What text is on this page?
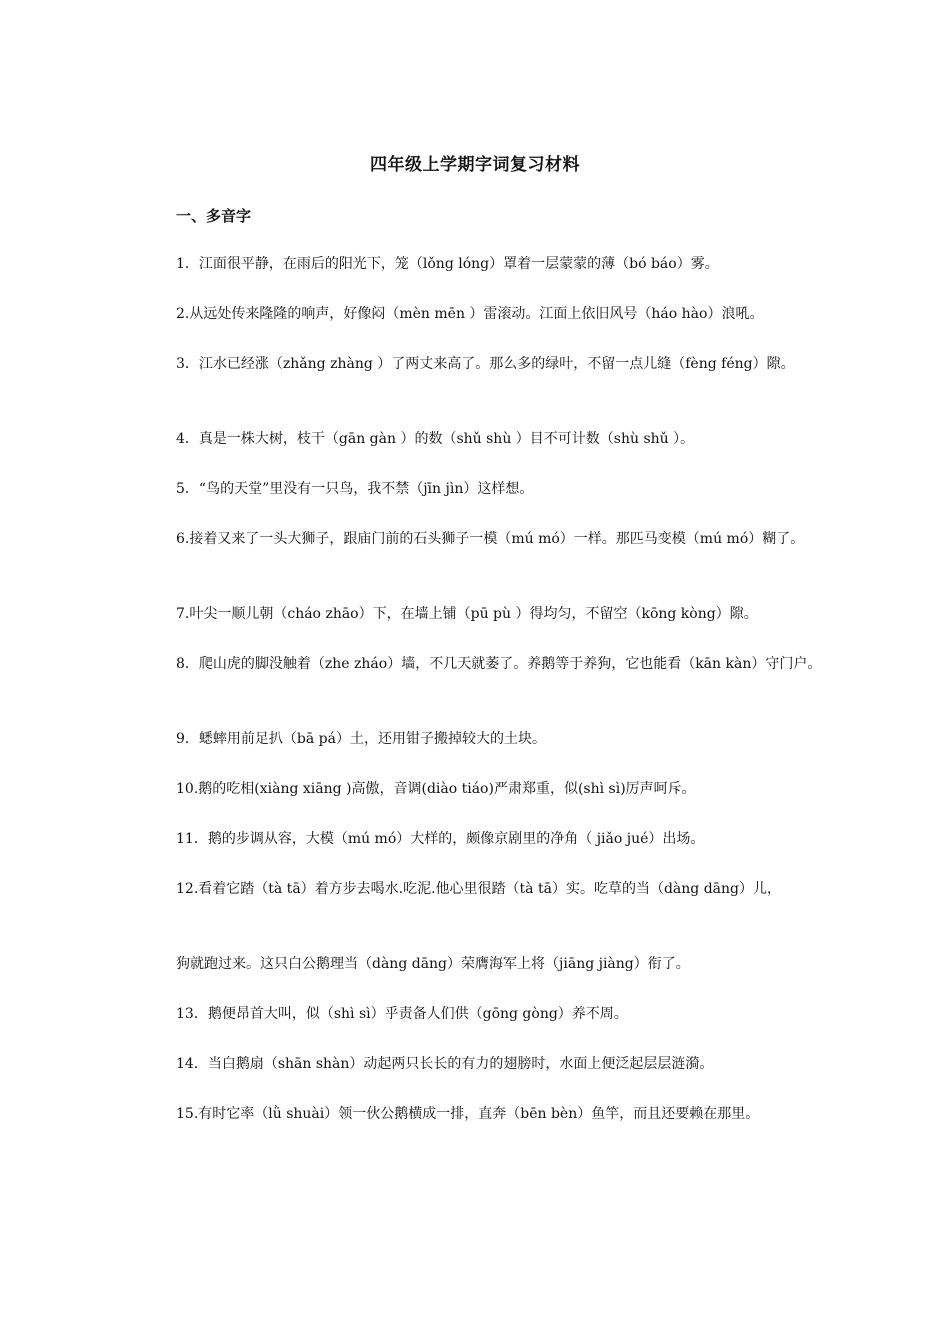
四年级上学期字词复习材料
一、多音字

1．江面很平静，在雨后的阳光下，笼（lǒng lóng）罩着一层蒙蒙的薄（bó báo）雾。

2.从远处传来隆隆的响声，好像闷（mèn mēn ）雷滚动。江面上依旧风号（háo hào）浪吼。

3．江水已经涨（zhǎng zhàng ）了两丈来高了。那么多的绿叶，不留一点儿缝（fèng féng）隙。

4．真是一株大树，枝干（gān gàn ）的数（shǔ shù ）目不可计数（shù shǔ ）。

5．“鸟的天堂”里没有一只鸟，我不禁（jīn jìn）这样想。

6.接着又来了一头大狮子，跟庙门前的石头狮子一模（mú mó）一样。那匹马变模（mú mó）糊了。

7.叶尖一顺儿朝（cháo zhāo）下，在墙上铺（pū pù ）得均匀，不留空（kōng kòng）隙。

8．爬山虎的脚没触着（zhe zháo）墙，不几天就萎了。养鹅等于养狗，它也能看（kān kàn）守门户。

9．蟋蟀用前足扒（bā pá）土，还用钳子搬掉较大的土块。

10.鹅的吃相(xiàng xiāng )高傲，音调(diào tiáo)严肃郑重，似(shì sì)厉声呵斥。

11．鹅的步调从容，大模（mú mó）大样的，颇像京剧里的净角（ jiǎo jué）出场。

12.看着它踏（tà tā）着方步去喝水.吃泥.他心里很踏（tà tā）实。吃草的当（dàng dāng）儿，

狗就跑过来。这只白公鹅理当（dàng dāng）荣膺海军上将（jiāng jiàng）衔了。

13．鹅便昂首大叫，似（shì sì）乎责备人们供（gōng gòng）养不周。

14．当白鹅扇（shān shàn）动起两只长长的有力的翅膀时，水面上便泛起层层涟漪。

15.有时它率（lǜ shuài）领一伙公鹅横成一排，直奔（bēn bèn）鱼竿，而且还要赖在那里。
